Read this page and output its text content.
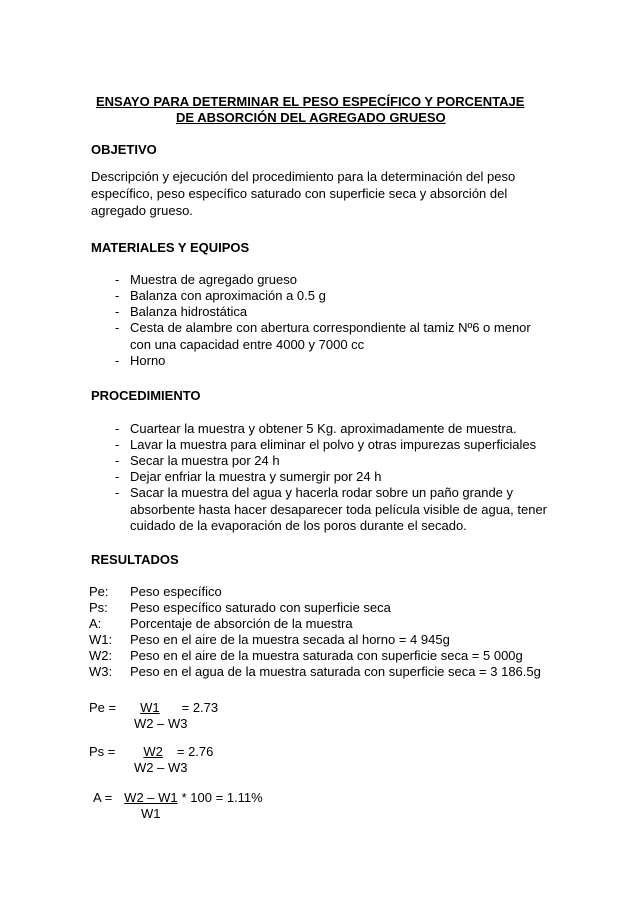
ENSAYO PARA DETERMINAR EL PESO ESPECÍFICO Y PORCENTAJE
DE ABSORCIÓN DEL AGREGADO GRUESO
OBJETIVO
Descripción y ejecución del procedimiento para la determinación del peso específico, peso específico saturado con superficie seca y absorción del agregado grueso.
MATERIALES Y EQUIPOS
- Muestra de agregado grueso
- Balanza con aproximación a 0.5 g
- Balanza hidrostática
- Cesta de alambre con abertura correspondiente al tamiz Nº6 o menor con una capacidad entre 4000 y 7000 cc
- Horno
PROCEDIMIENTO
- Cuartear la muestra y obtener 5 Kg. aproximadamente de muestra.
- Lavar la muestra para eliminar el polvo y otras impurezas superficiales
- Secar la muestra por 24 h
- Dejar enfriar la muestra y sumergir por 24 h
- Sacar la muestra del agua y hacerla rodar sobre un paño grande y absorbente hasta hacer desaparecer toda película visible de agua, tener cuidado de la evaporación de los poros durante el secado.
RESULTADOS
Pe: Peso específico
Ps: Peso específico saturado con superficie seca
A: Porcentaje de absorción de la muestra
W1: Peso en el aire de la muestra secada al horno = 4 945g
W2: Peso en el aire de la muestra saturada con superficie seca = 5 000g
W3: Peso en el agua de la muestra saturada con superficie seca = 3 186.5g
Pe = W1 = 2.73
W2 – W3
Ps = W2 = 2.76
W2 – W3
A = W2 – W1 * 100 = 1.11%
W1
